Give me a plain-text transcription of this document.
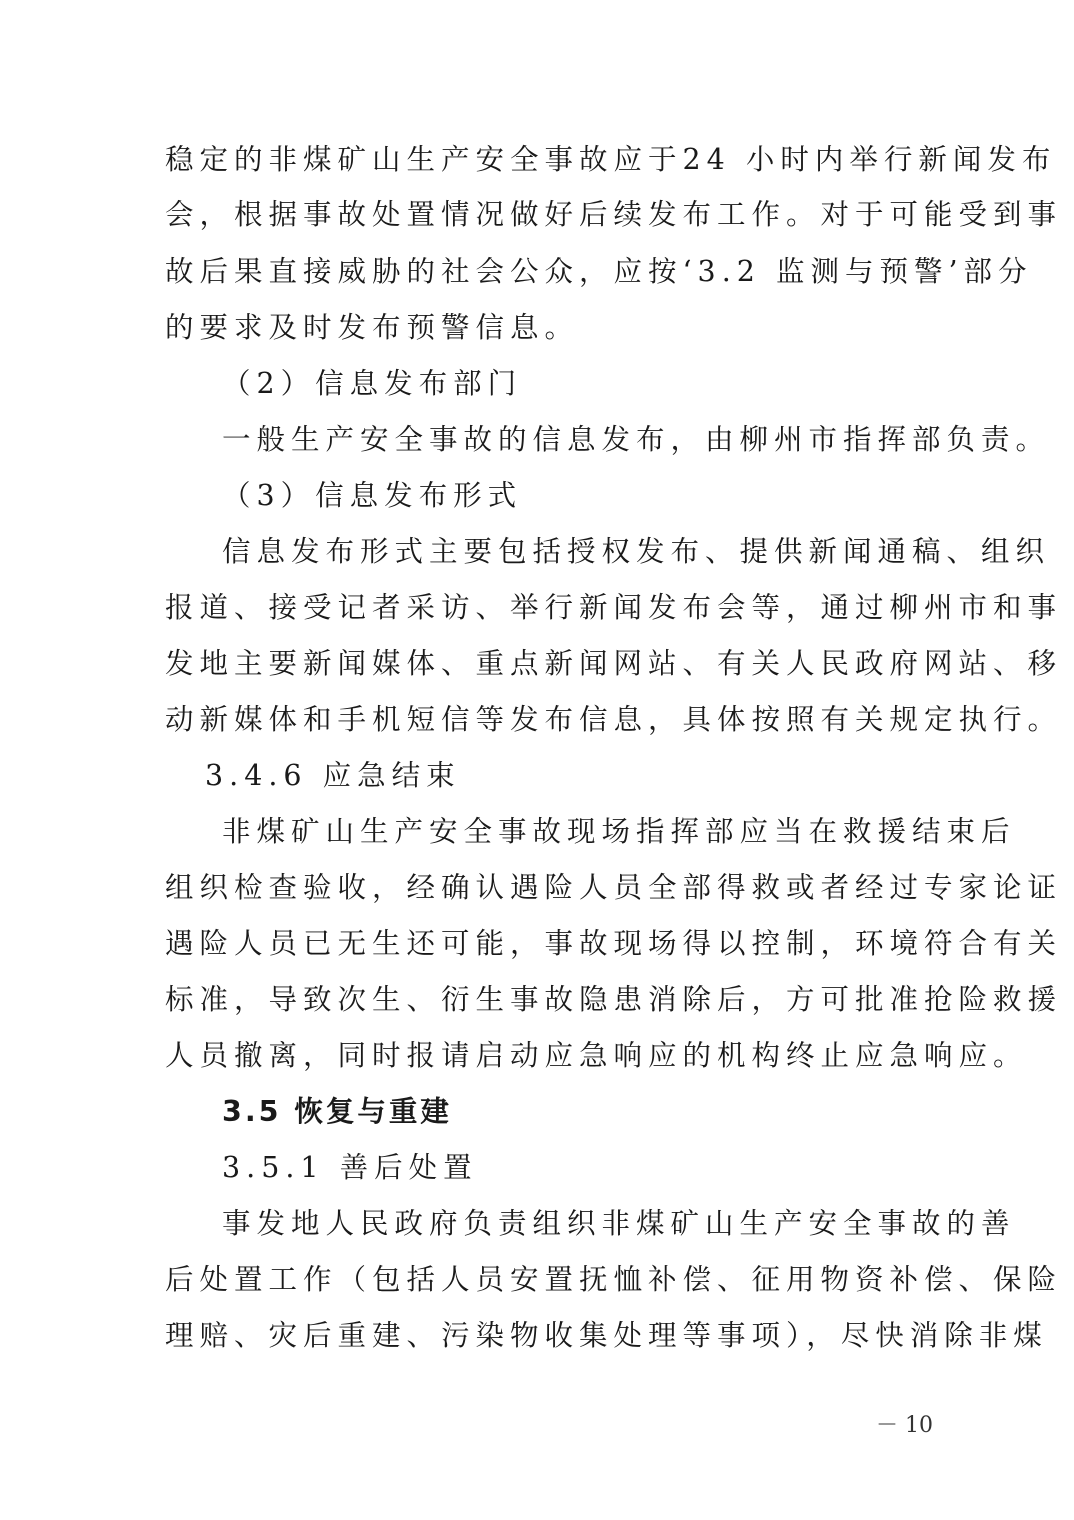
稳定的非煤矿山生产安全事故应于24 小时内举行新闻发布
会，根据事故处置情况做好后续发布工作。对于可能受到事
故后果直接威胁的社会公众，应按‘3.2 监测与预警’部分
的要求及时发布预警信息。
（2）信息发布部门
一般生产安全事故的信息发布，由柳州市指挥部负责。
（3）信息发布形式
信息发布形式主要包括授权发布、提供新闻通稿、组织
报道、接受记者采访、举行新闻发布会等，通过柳州市和事
发地主要新闻媒体、重点新闻网站、有关人民政府网站、移
动新媒体和手机短信等发布信息，具体按照有关规定执行。
3.4.6 应急结束
非煤矿山生产安全事故现场指挥部应当在救援结束后
组织检查验收，经确认遇险人员全部得救或者经过专家论证
遇险人员已无生还可能，事故现场得以控制，环境符合有关
标准，导致次生、衍生事故隐患消除后，方可批准抢险救援
人员撤离，同时报请启动应急响应的机构终止应急响应。
3.5 恢复与重建
3.5.1 善后处置
事发地人民政府负责组织非煤矿山生产安全事故的善
后处置工作（包括人员安置抚恤补偿、征用物资补偿、保险
理赔、灾后重建、污染物收集处理等事项），尽快消除非煤
－ 10
